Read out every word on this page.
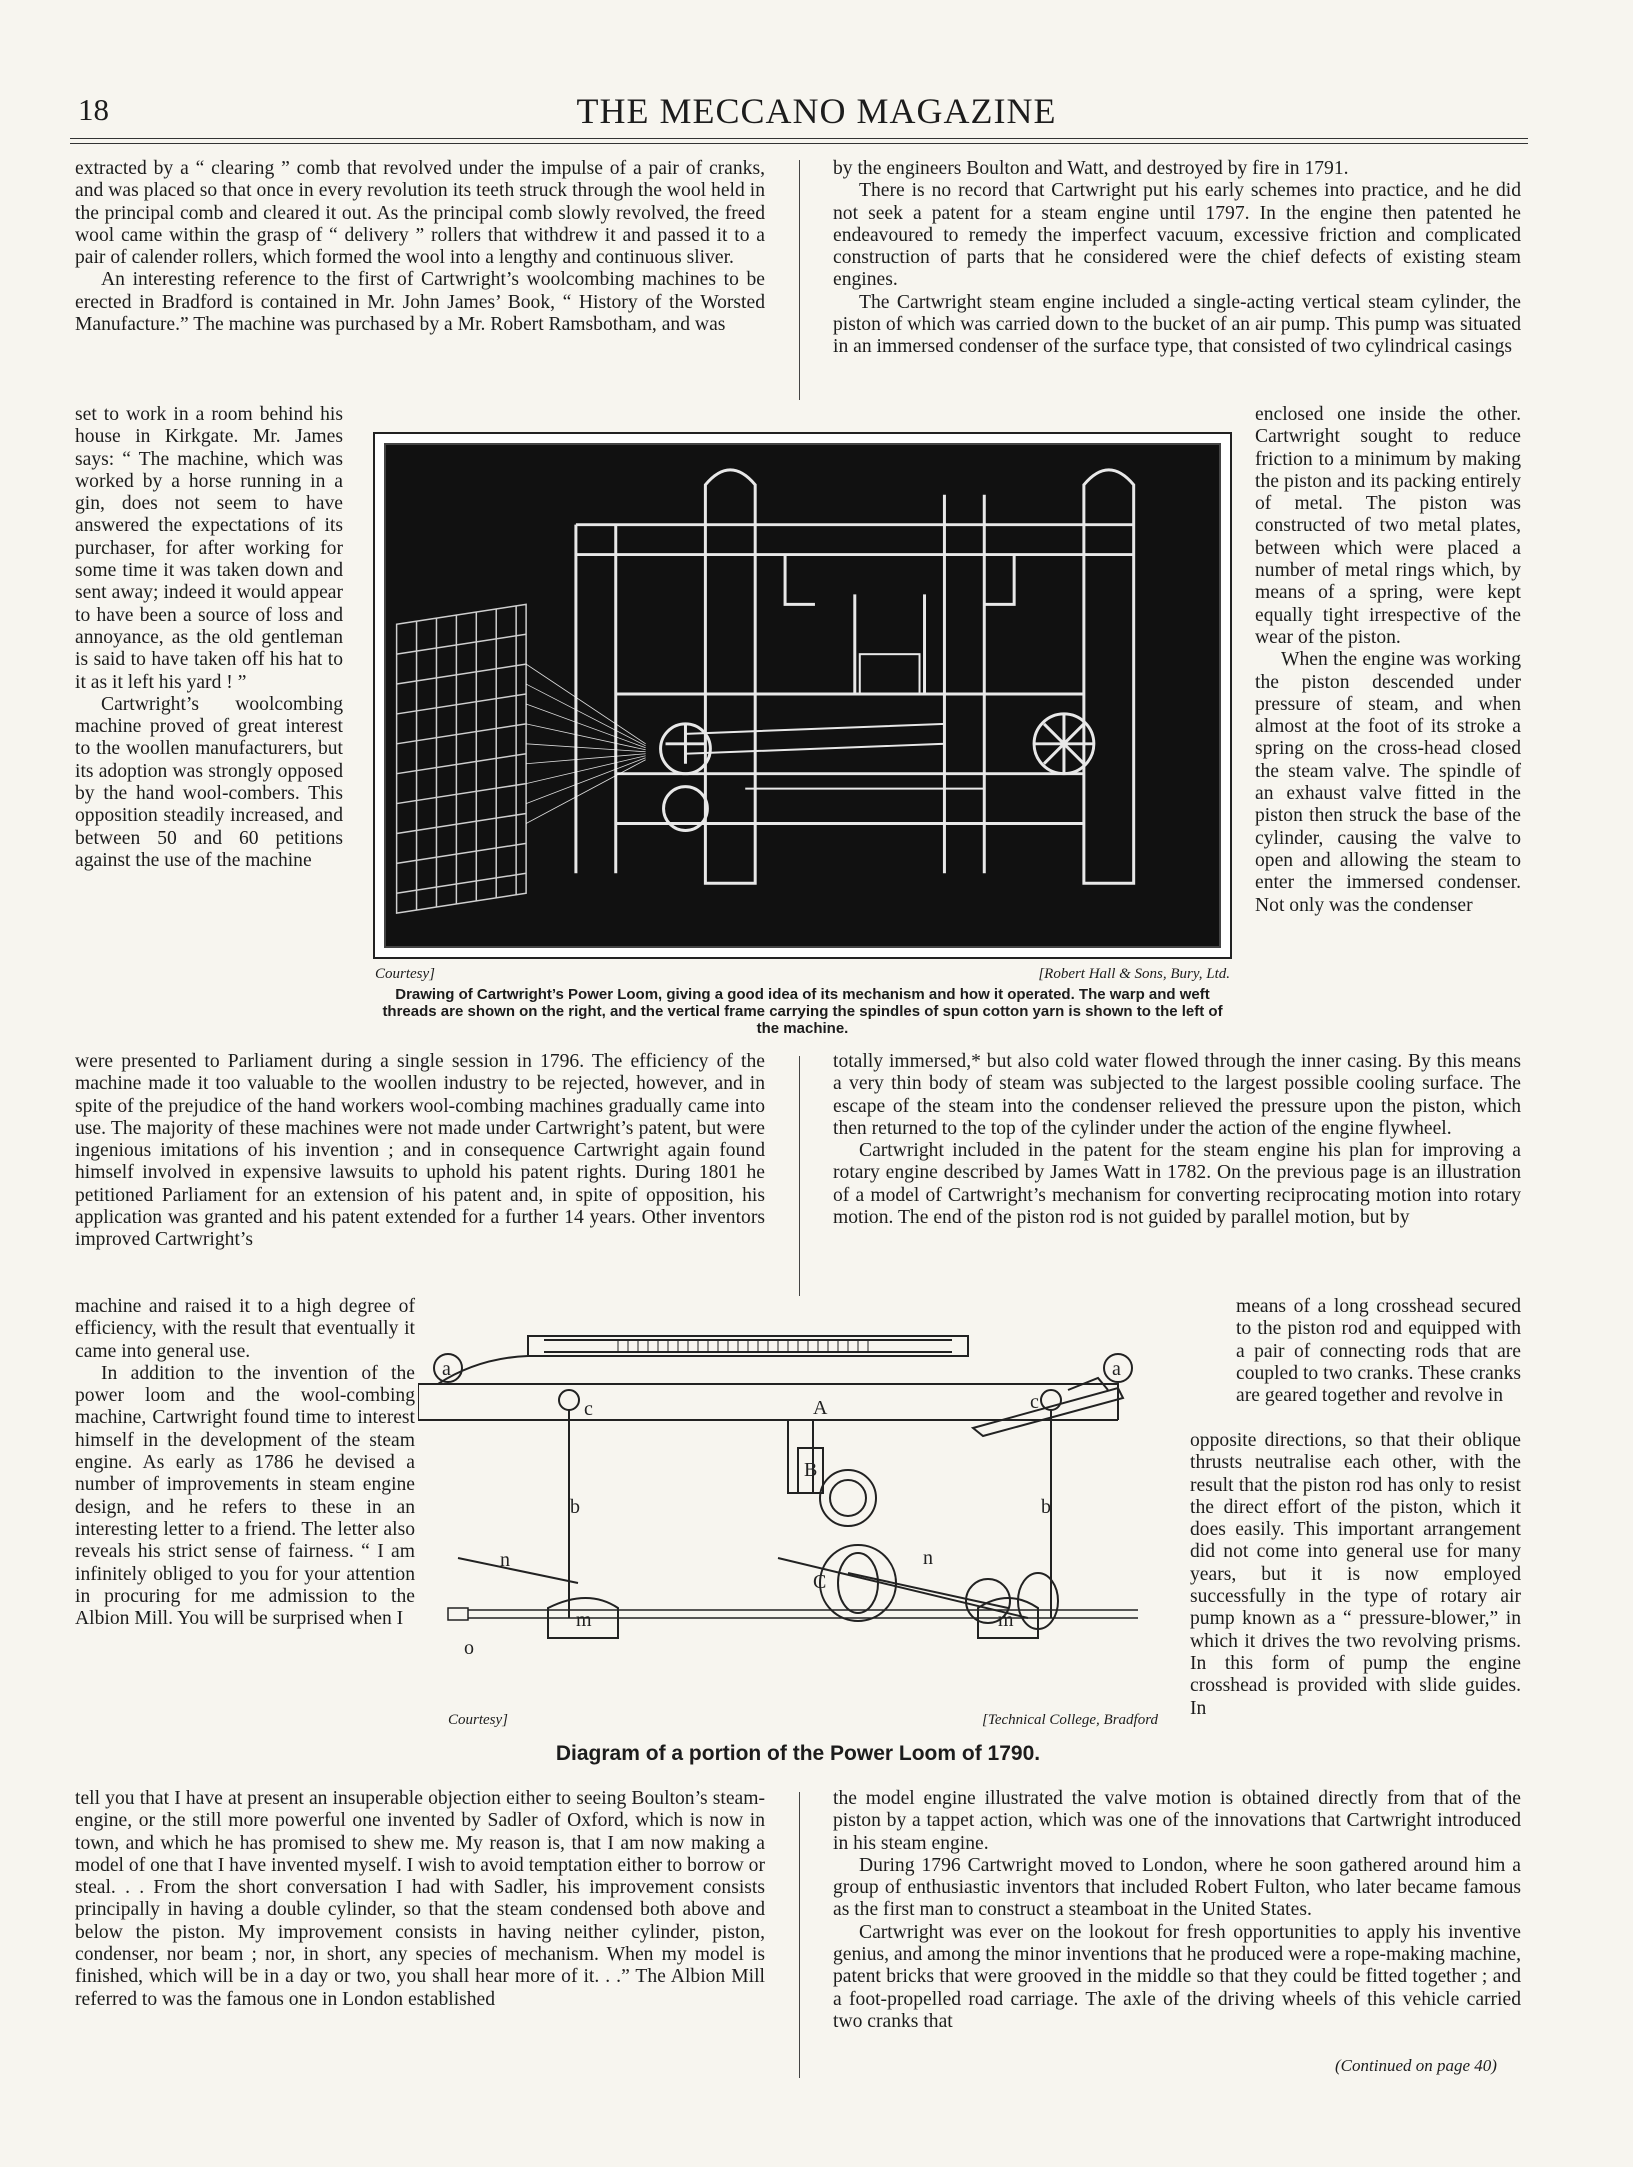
18	THE MECCANO MAGAZINE

extracted by a “ clearing ” comb that revolved under the impulse of a pair of cranks, and was placed so that once in every revolution its teeth struck through the wool held in the principal comb and cleared it out. As the principal comb slowly revolved, the freed wool came within the grasp of “ delivery ” rollers that withdrew it and passed it to a pair of calender rollers, which formed the wool into a lengthy and continuous sliver.

An interesting reference to the first of Cartwright’s woolcombing machines to be erected in Bradford is contained in Mr. John James’ Book, “ History of the Worsted Manufacture.” The machine was purchased by a Mr. Robert Ramsbotham, and was

set to work in a room behind his house in Kirkgate. Mr. James says: “ The machine, which was worked by a horse running in a gin, does not seem to have answered the expectations of its purchaser, for after working for some time it was taken down and sent away; indeed it would appear to have been a source of loss and annoyance, as the old gentleman is said to have taken off his hat to it as it left his yard ! ”

Cartwright’s woolcombing machine proved of great interest to the woollen manufacturers, but its adoption was strongly opposed by the hand wool-combers. This opposition steadily increased, and between 50 and 60 petitions against the use of the machine

were presented to Parliament during a single session in 1796. The efficiency of the machine made it too valuable to the woollen industry to be rejected, however, and in spite of the prejudice of the hand workers wool-combing machines gradually came into use. The majority of these machines were not made under Cartwright’s patent, but were ingenious imitations of his invention ; and in consequence Cartwright again found himself involved in expensive lawsuits to uphold his patent rights. During 1801 he petitioned Parliament for an extension of his patent and, in spite of opposition, his application was granted and his patent extended for a further 14 years. Other inventors improved Cartwright’s

machine and raised it to a high degree of efficiency, with the result that eventually it came into general use.

In addition to the invention of the power loom and the wool-combing machine, Cartwright found time to interest himself in the development of the steam engine. As early as 1786 he devised a number of improvements in steam engine design, and he refers to these in an interesting letter to a friend. The letter also reveals his strict sense of fairness. “ I am infinitely obliged to you for your attention in procuring for me admission to the Albion Mill. You will be surprised when I

tell you that I have at present an insuperable objection either to seeing Boulton’s steam-engine, or the still more powerful one invented by Sadler of Oxford, which is now in town, and which he has promised to shew me. My reason is, that I am now making a model of one that I have invented myself. I wish to avoid temptation either to borrow or steal. . . From the short conversation I had with Sadler, his improvement consists principally in having a double cylinder, so that the steam condensed both above and below the piston. My improvement consists in having neither cylinder, piston, condenser, nor beam ; nor, in short, any species of mechanism. When my model is finished, which will be in a day or two, you shall hear more of it. . .” The Albion Mill referred to was the famous one in London established

by the engineers Boulton and Watt, and destroyed by fire in 1791.

There is no record that Cartwright put his early schemes into practice, and he did not seek a patent for a steam engine until 1797. In the engine then patented he endeavoured to remedy the imperfect vacuum, excessive friction and complicated construction of parts that he considered were the chief defects of existing steam engines.

The Cartwright steam engine included a single-acting vertical steam cylinder, the piston of which was carried down to the bucket of an air pump. This pump was situated in an immersed condenser of the surface type, that consisted of two cylindrical casings

enclosed one inside the other. Cartwright sought to reduce friction to a minimum by making the piston and its packing entirely of metal. The piston was constructed of two metal plates, between which were placed a number of metal rings which, by means of a spring, were kept equally tight irrespective of the wear of the piston.

When the engine was working the piston descended under pressure of steam, and when almost at the foot of its stroke a spring on the cross-head closed the steam valve. The spindle of an exhaust valve fitted in the piston then struck the base of the cylinder, causing the valve to open and allowing the steam to enter the immersed condenser. Not only was the condenser

totally immersed,* but also cold water flowed through the inner casing. By this means a very thin body of steam was subjected to the largest possible cooling surface. The escape of the steam into the condenser relieved the pressure upon the piston, which then returned to the top of the cylinder under the action of the engine flywheel.

Cartwright included in the patent for the steam engine his plan for improving a rotary engine described by James Watt in 1782. On the previous page is an illustration of a model of Cartwright’s mechanism for converting reciprocating motion into rotary motion. The end of the piston rod is not guided by parallel motion, but by

means of a long crosshead secured to the piston rod and equipped with a pair of connecting rods that are coupled to two cranks. These cranks are geared together and revolve in

opposite directions, so that their oblique thrusts neutralise each other, with the result that the piston rod has only to resist the direct effort of the piston, which it does easily. This important arrangement did not come into general use for many years, but it is now employed successfully in the type of rotary air pump known as a “ pressure-blower,” in which it drives the two revolving prisms. In this form of pump the engine crosshead is provided with slide guides. In

the model engine illustrated the valve motion is obtained directly from that of the piston by a tappet action, which was one of the innovations that Cartwright introduced in his steam engine.

During 1796 Cartwright moved to London, where he soon gathered around him a group of enthusiastic inventors that included Robert Fulton, who later became famous as the first man to construct a steamboat in the United States.

Cartwright was ever on the lookout for fresh opportunities to apply his inventive genius, and among the minor inventions that he produced were a rope-making machine, patent bricks that were grooved in the middle so that they could be fitted together ; and a foot-propelled road carriage. The axle of the driving wheels of this vehicle carried two cranks that

(Continued on page 40)
Courtesy]	[Robert Hall & Sons, Bury, Ltd.
Drawing of Cartwright’s Power Loom, giving a good idea of its mechanism and how it operated. The warp and weft threads are shown on the right, and the vertical frame carrying the spindles of spun cotton yarn is shown to the left of the machine.
a	a
c	c
A
B
C
b	b
n	n
m	m
o
Courtesy]	[Technical College, Bradford
Diagram of a portion of the Power Loom of 1790.
